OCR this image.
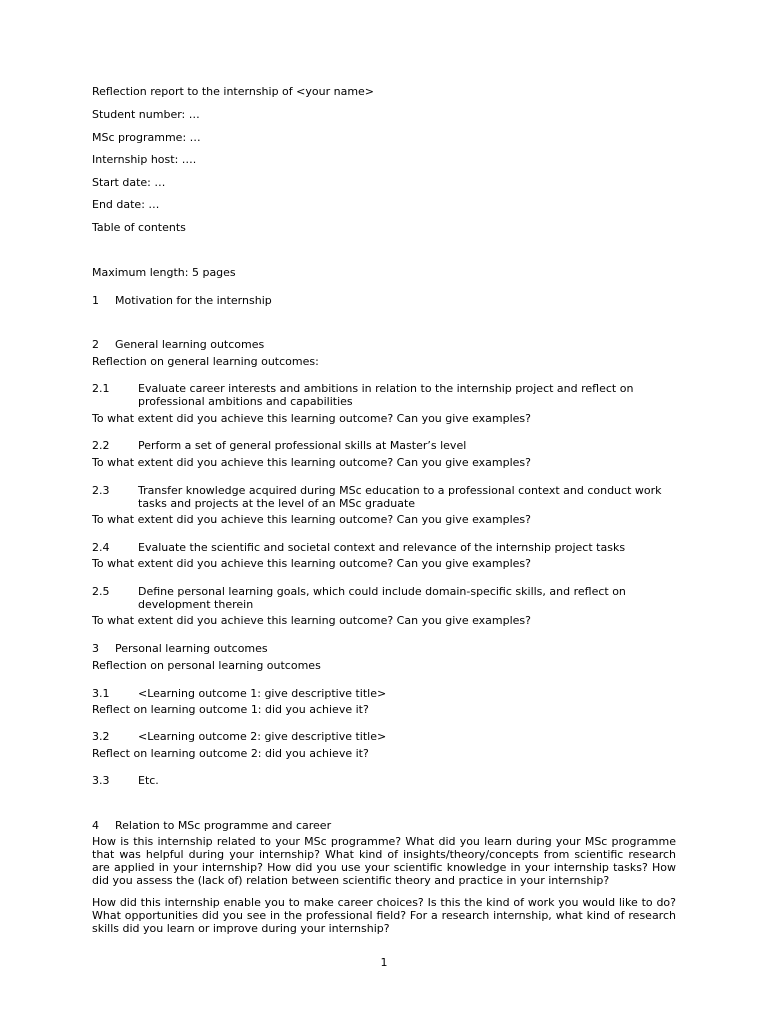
Reflection report to the internship of <your name>
Student number: …
MSc programme: …
Internship host: ….
Start date: …
End date: …
Table of contents
Maximum length: 5 pages
1 Motivation for the internship
2 General learning outcomes
Reflection on general learning outcomes:
2.1	Evaluate career interests and ambitions in relation to the internship project and reflect on professional ambitions and capabilities
To what extent did you achieve this learning outcome? Can you give examples?
2.2	Perform a set of general professional skills at Master’s level
To what extent did you achieve this learning outcome? Can you give examples?
2.3	Transfer knowledge acquired during MSc education to a professional context and conduct work tasks and projects at the level of an MSc graduate
To what extent did you achieve this learning outcome? Can you give examples?
2.4	Evaluate the scientific and societal context and relevance of the internship project tasks
To what extent did you achieve this learning outcome? Can you give examples?
2.5	Define personal learning goals, which could include domain-specific skills, and reflect on development therein
To what extent did you achieve this learning outcome? Can you give examples?
3 Personal learning outcomes
Reflection on personal learning outcomes
3.1	<Learning outcome 1: give descriptive title>
Reflect on learning outcome 1: did you achieve it?
3.2	<Learning outcome 2: give descriptive title>
Reflect on learning outcome 2: did you achieve it?
3.3	Etc.
4 Relation to MSc programme and career
How is this internship related to your MSc programme? What did you learn during your MSc programme that was helpful during your internship? What kind of insights/theory/concepts from scientific research are applied in your internship? How did you use your scientific knowledge in your internship tasks? How did you assess the (lack of) relation between scientific theory and practice in your internship?
How did this internship enable you to make career choices? Is this the kind of work you would like to do? What opportunities did you see in the professional field? For a research internship, what kind of research skills did you learn or improve during your internship?
1
